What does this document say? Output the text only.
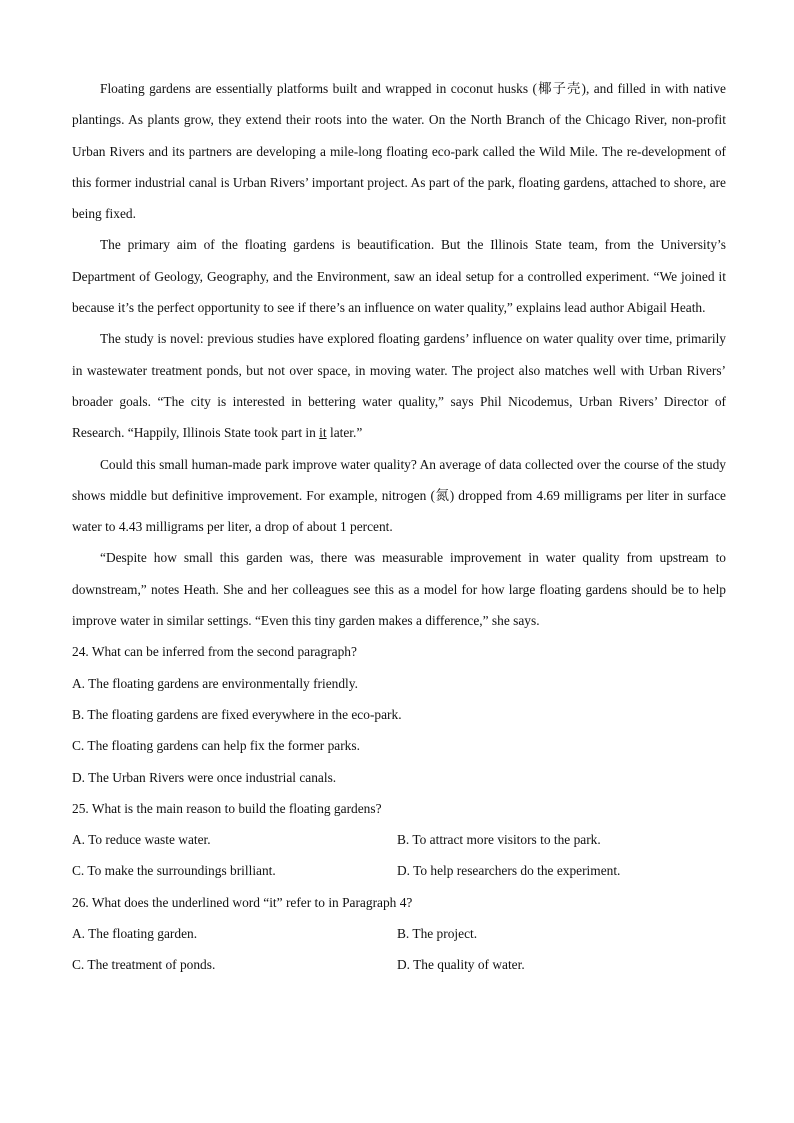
Floating gardens are essentially platforms built and wrapped in coconut husks (椰子壳), and filled in with native plantings. As plants grow, they extend their roots into the water. On the North Branch of the Chicago River, non-profit Urban Rivers and its partners are developing a mile-long floating eco-park called the Wild Mile. The re-development of this former industrial canal is Urban Rivers’ important project. As part of the park, floating gardens, attached to shore, are being fixed.

The primary aim of the floating gardens is beautification. But the Illinois State team, from the University’s Department of Geology, Geography, and the Environment, saw an ideal setup for a controlled experiment. “We joined it because it’s the perfect opportunity to see if there’s an influence on water quality,” explains lead author Abigail Heath.

The study is novel: previous studies have explored floating gardens’ influence on water quality over time, primarily in wastewater treatment ponds, but not over space, in moving water. The project also matches well with Urban Rivers’ broader goals. “The city is interested in bettering water quality,” says Phil Nicodemus, Urban Rivers’ Director of Research. “Happily, Illinois State took part in it later.”

Could this small human-made park improve water quality? An average of data collected over the course of the study shows middle but definitive improvement. For example, nitrogen (氮) dropped from 4.69 milligrams per liter in surface water to 4.43 milligrams per liter, a drop of about 1 percent.

“Despite how small this garden was, there was measurable improvement in water quality from upstream to downstream,” notes Heath. She and her colleagues see this as a model for how large floating gardens should be to help improve water in similar settings. “Even this tiny garden makes a difference,” she says.

24. What can be inferred from the second paragraph?
A. The floating gardens are environmentally friendly.
B. The floating gardens are fixed everywhere in the eco-park.
C. The floating gardens can help fix the former parks.
D. The Urban Rivers were once industrial canals.
25. What is the main reason to build the floating gardens?
A. To reduce waste water.	B. To attract more visitors to the park.
C. To make the surroundings brilliant.	D. To help researchers do the experiment.
26. What does the underlined word “it” refer to in Paragraph 4?
A. The floating garden.	B. The project.
C. The treatment of ponds.	D. The quality of water.
